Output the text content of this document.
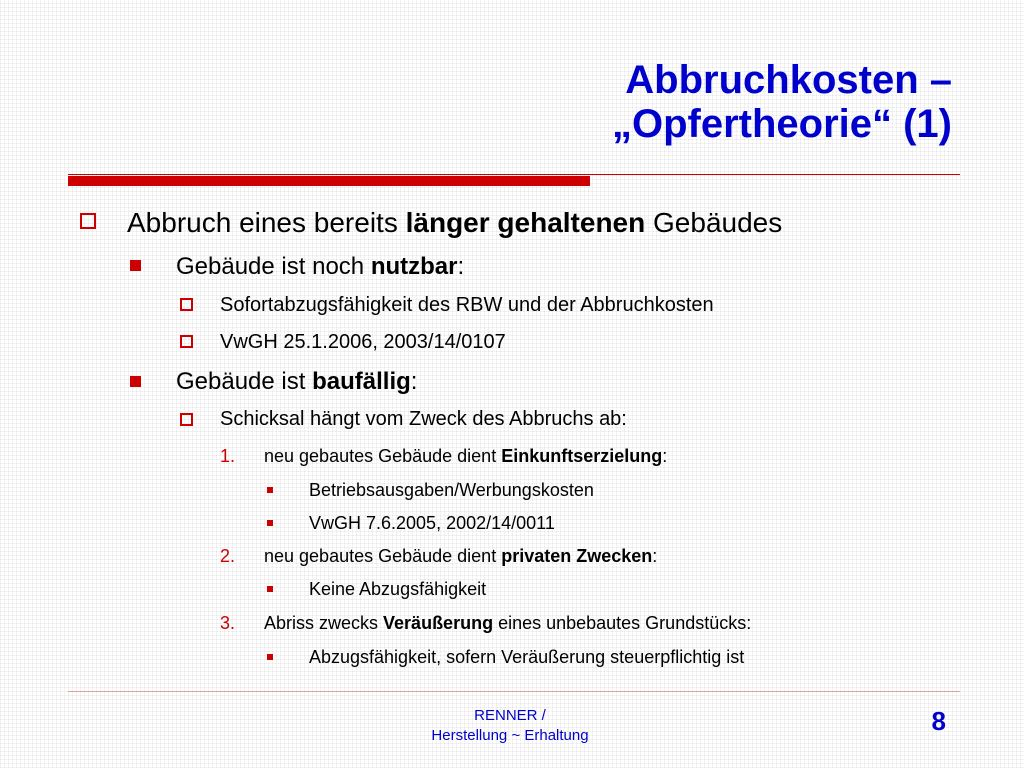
Abbruchkosten –
„Opfertheorie“ (1)
Abbruch eines bereits länger gehaltenen Gebäudes
Gebäude ist noch nutzbar:
Sofortabzugsfähigkeit des RBW und der Abbruchkosten
VwGH 25.1.2006, 2003/14/0107
Gebäude ist baufällig:
Schicksal hängt vom Zweck des Abbruchs ab:
1. neu gebautes Gebäude dient Einkunftserzielung:
Betriebsausgaben/Werbungskosten
VwGH 7.6.2005, 2002/14/0011
2. neu gebautes Gebäude dient privaten Zwecken:
Keine Abzugsfähigkeit
3. Abriss zwecks Veräußerung eines unbebautes Grundstücks:
Abzugsfähigkeit, sofern Veräußerung steuerpflichtig ist
RENNER /
Herstellung ~ Erhaltung	8
